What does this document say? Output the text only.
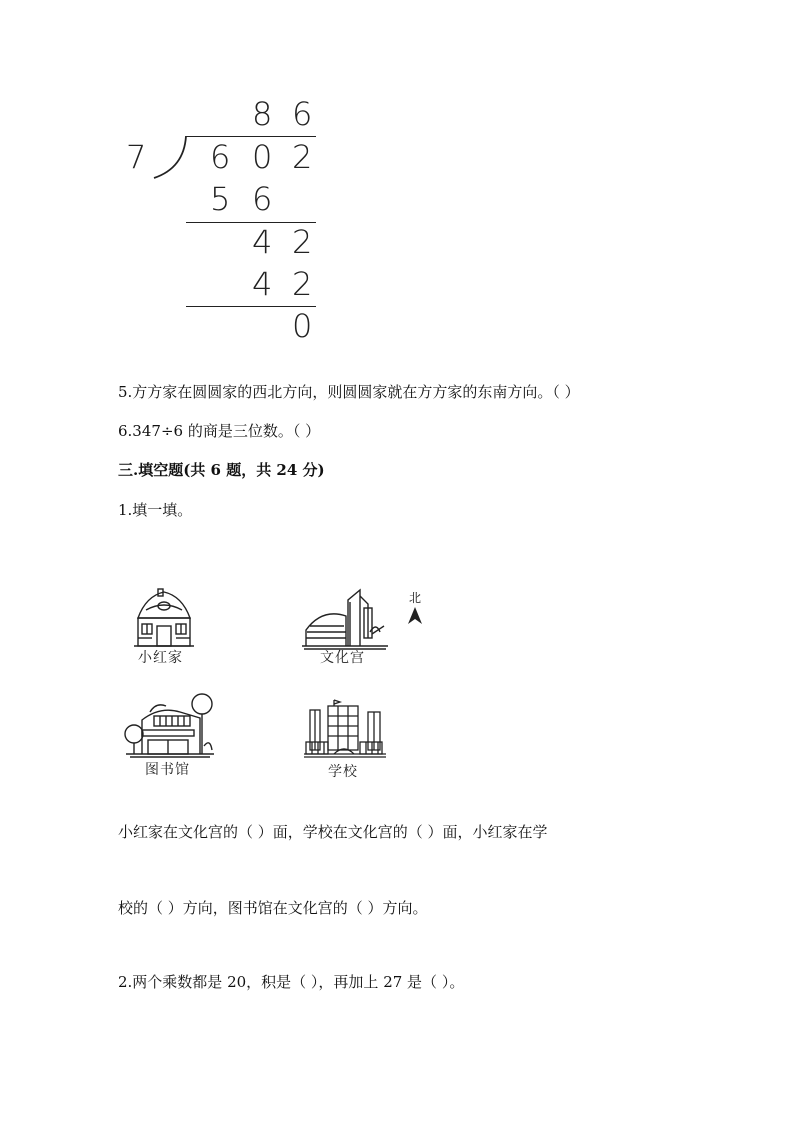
8 6
7 6 0 2
5 6
4 2
4 2
0
5.方方家在圆圆家的西北方向，则圆圆家就在方方家的东南方向。（ ）
6.347÷6 的商是三位数。（ ）
三.填空题(共 6 题，共 24 分)
1.填一填。
小红家	文化宫
北
图书馆	学校
小红家在文化宫的（ ）面，学校在文化宫的（ ）面，小红家在学
校的（ ）方向，图书馆在文化宫的（ ）方向。
2.两个乘数都是 20，积是（ ），再加上 27 是（ ）。
